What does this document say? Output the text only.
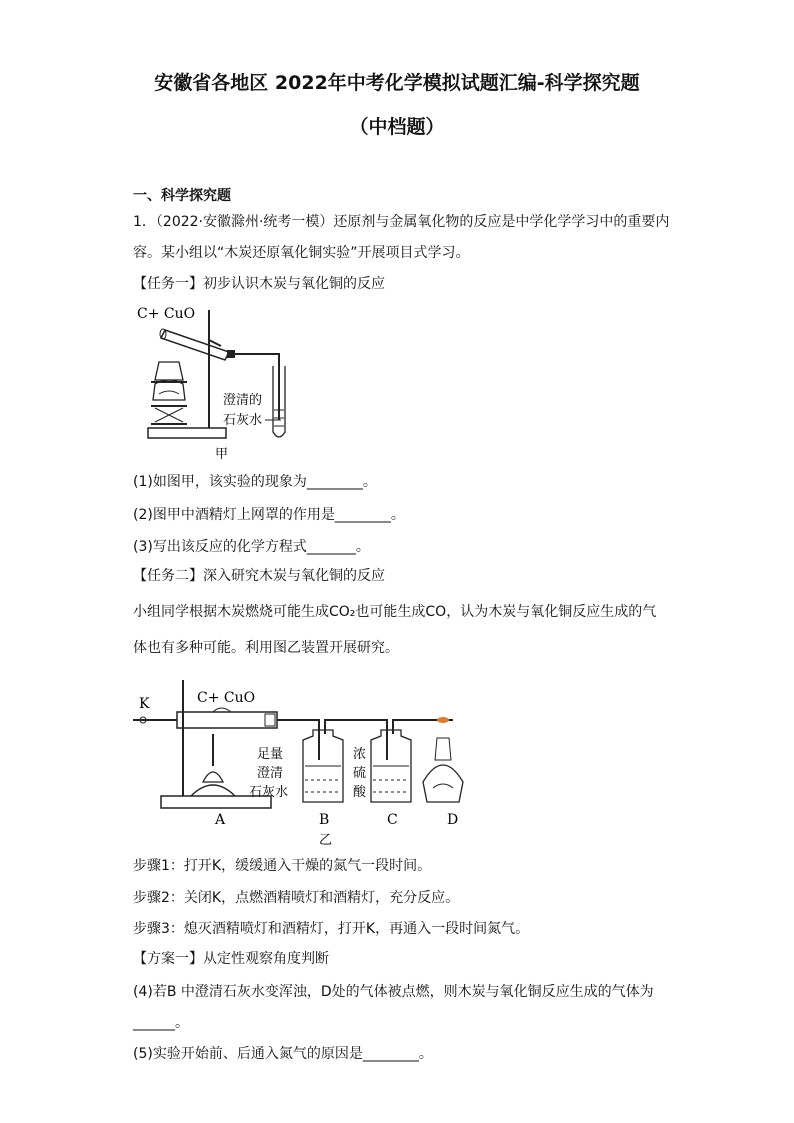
安徽省各地区 2022年中考化学模拟试题汇编-科学探究题
（中档题）
一、科学探究题
1．（2022·安徽滁州·统考一模）还原剂与金属氧化物的反应是中学化学学习中的重要内
容。某小组以“木炭还原氧化铜实验”开展项目式学习。
【任务一】初步认识木炭与氧化铜的反应
C+ CuO
澄清的
石灰水
甲
(1)如图甲，该实验的现象为________。
(2)图甲中酒精灯上网罩的作用是________。
(3)写出该反应的化学方程式_______。
【任务二】深入研究木炭与氧化铜的反应
小组同学根据木炭燃烧可能生成CO₂也可能生成CO，认为木炭与氧化铜反应生成的气
体也有多种可能。利用图乙装置开展研究。
K	C+ CuO
足量
澄清
石灰水
浓
硫
酸
A	B	C	D
乙
步骤1：打开K，缓缓通入干燥的氮气一段时间。
步骤2：关闭K，点燃酒精喷灯和酒精灯，充分反应。
步骤3：熄灭酒精喷灯和酒精灯，打开K，再通入一段时间氮气。
【方案一】从定性观察角度判断
(4)若B 中澄清石灰水变浑浊，D处的气体被点燃，则木炭与氧化铜反应生成的气体为
______。
(5)实验开始前、后通入氮气的原因是________。
